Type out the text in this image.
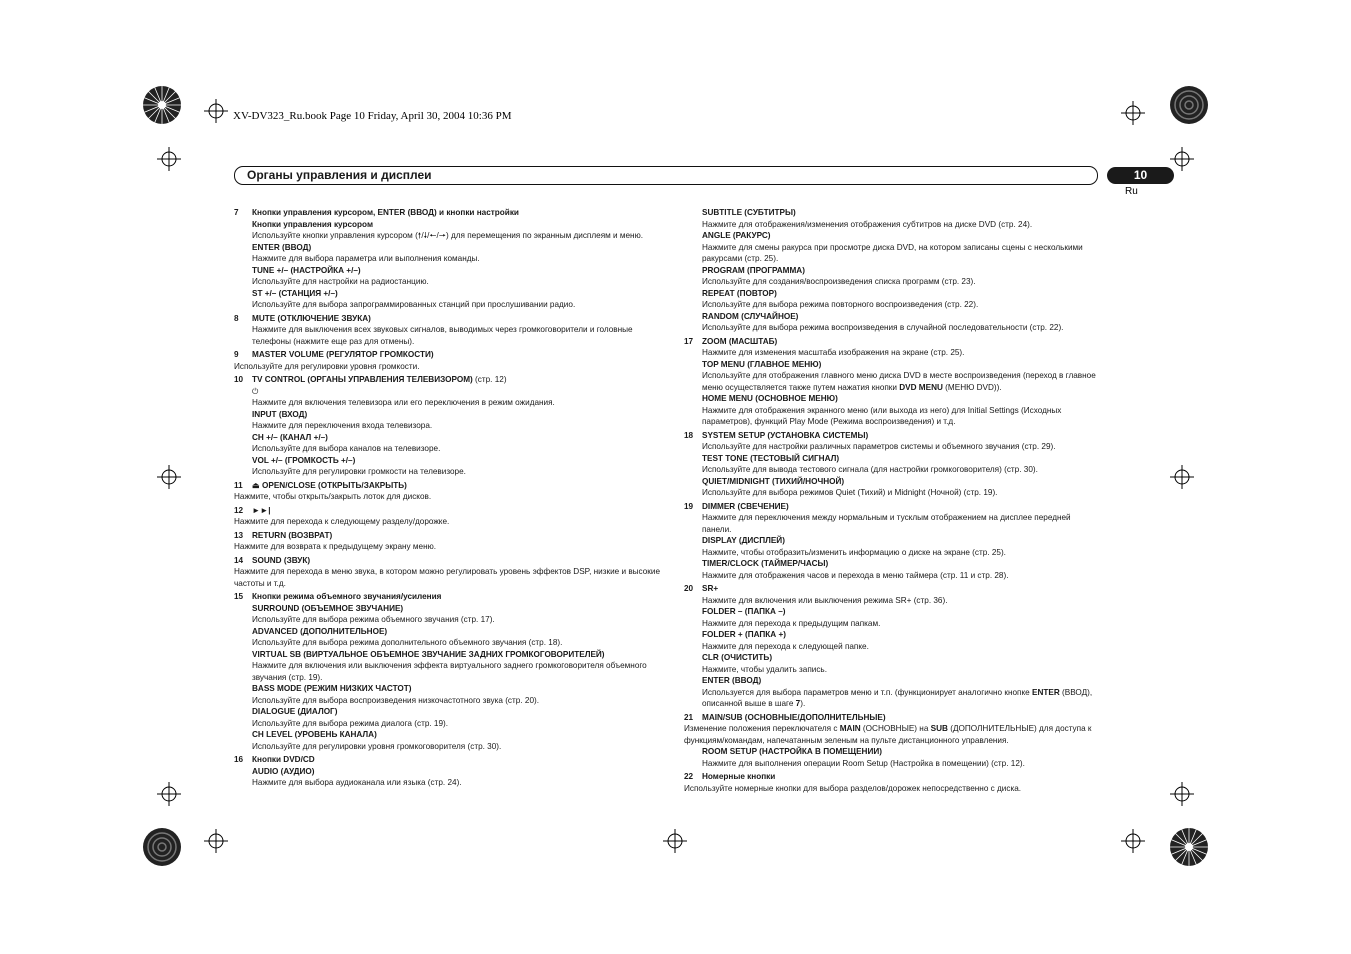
XV-DV323_Ru.book Page 10 Friday, April 30, 2004 10:36 PM
Органы управления и дисплеи	10
Ru
7 Кнопки управления курсором, ENTER (ВВОД) и кнопки настройки
Кнопки управления курсором
Используйте кнопки управления курсором (🠕/🠗/🠔/🠖) для перемещения по экранным дисплеям и меню.
ENTER (ВВОД)
Нажмите для выбора параметра или выполнения команды.
TUNE +/– (НАСТРОЙКА +/–)
Используйте для настройки на радиостанцию.
ST +/– (СТАНЦИЯ +/–)
Используйте для выбора запрограммированных станций при прослушивании радио.
8 MUTE (ОТКЛЮЧЕНИЕ ЗВУКА)
Нажмите для выключения всех звуковых сигналов, выводимых через громкоговорители и головные телефоны (нажмите еще раз для отмены).
9 MASTER VOLUME (РЕГУЛЯТОР ГРОМКОСТИ)
Используйте для регулировки уровня громкости.
10 TV CONTROL (ОРГАНЫ УПРАВЛЕНИЯ ТЕЛЕВИЗОРОМ) (стр. 12)
⏻
Нажмите для включения телевизора или его переключения в режим ожидания.
INPUT (ВХОД)
Нажмите для переключения входа телевизора.
CH +/– (КАНАЛ +/–)
Используйте для выбора каналов на телевизоре.
VOL +/– (ГРОМКОСТЬ +/–)
Используйте для регулировки громкости на телевизоре.
11 ⏏ OPEN/CLOSE (ОТКРЫТЬ/ЗАКРЫТЬ)
Нажмите, чтобы открыть/закрыть лоток для дисков.
12 ►►|
Нажмите для перехода к следующему разделу/дорожке.
13 RETURN (ВОЗВРАТ)
Нажмите для возврата к предыдущему экрану меню.
14 SOUND (ЗВУК)
Нажмите для перехода в меню звука, в котором можно регулировать уровень эффектов DSP, низкие и высокие частоты и т.д.
15 Кнопки режима объемного звучания/усиления
SURROUND (ОБЪЕМНОЕ ЗВУЧАНИЕ)
Используйте для выбора режима объемного звучания (стр. 17).
ADVANCED (ДОПОЛНИТЕЛЬНОЕ)
Используйте для выбора режима дополнительного объемного звучания (стр. 18).
VIRTUAL SB (ВИРТУАЛЬНОЕ ОБЪЕМНОЕ ЗВУЧАНИЕ ЗАДНИХ ГРОМКОГОВОРИТЕЛЕЙ)
Нажмите для включения или выключения эффекта виртуального заднего громкоговорителя объемного звучания (стр. 19).
BASS MODE (РЕЖИМ НИЗКИХ ЧАСТОТ)
Используйте для выбора воспроизведения низкочастотного звука (стр. 20).
DIALOGUE (ДИАЛОГ)
Используйте для выбора режима диалога (стр. 19).
CH LEVEL (УРОВЕНЬ КАНАЛА)
Используйте для регулировки уровня громкоговорителя (стр. 30).
16 Кнопки DVD/CD
AUDIO (АУДИО)
Нажмите для выбора аудиоканала или языка (стр. 24).
SUBTITLE (СУБТИТРЫ)
Нажмите для отображения/изменения отображения субтитров на диске DVD (стр. 24).
ANGLE (РАКУРС)
Нажмите для смены ракурса при просмотре диска DVD, на котором записаны сцены с несколькими ракурсами (стр. 25).
PROGRAM (ПРОГРАММА)
Используйте для создания/воспроизведения списка программ (стр. 23).
REPEAT (ПОВТОР)
Используйте для выбора режима повторного воспроизведения (стр. 22).
RANDOM (СЛУЧАЙНОЕ)
Используйте для выбора режима воспроизведения в случайной последовательности (стр. 22).
17 ZOOM (МАСШТАБ)
Нажмите для изменения масштаба изображения на экране (стр. 25).
TOP MENU (ГЛАВНОЕ МЕНЮ)
Используйте для отображения главного меню диска DVD в месте воспроизведения (переход в главное меню осуществляется также путем нажатия кнопки DVD MENU (МЕНЮ DVD)).
HOME MENU (ОСНОВНОЕ МЕНЮ)
Нажмите для отображения экранного меню (или выхода из него) для Initial Settings (Исходных параметров), функций Play Mode (Режима воспроизведения) и т.д.
18 SYSTEM SETUP (УСТАНОВКА СИСТЕМЫ)
Используйте для настройки различных параметров системы и объемного звучания (стр. 29).
TEST TONE (ТЕСТОВЫЙ СИГНАЛ)
Используйте для вывода тестового сигнала (для настройки громкоговорителя) (стр. 30).
QUIET/MIDNIGHT (ТИХИЙ/НОЧНОЙ)
Используйте для выбора режимов Quiet (Тихий) и Midnight (Ночной) (стр. 19).
19 DIMMER (СВЕЧЕНИЕ)
Нажмите для переключения между нормальным и тусклым отображением на дисплее передней панели.
DISPLAY (ДИСПЛЕЙ)
Нажмите, чтобы отобразить/изменить информацию о диске на экране (стр. 25).
TIMER/CLOCK (ТАЙМЕР/ЧАСЫ)
Нажмите для отображения часов и перехода в меню таймера (стр. 11 и стр. 28).
20 SR+
Нажмите для включения или выключения режима SR+ (стр. 36).
FOLDER – (ПАПКА –)
Нажмите для перехода к предыдущим папкам.
FOLDER + (ПАПКА +)
Нажмите для перехода к следующей папке.
CLR (ОЧИСТИТЬ)
Нажмите, чтобы удалить запись.
ENTER (ВВОД)
Используется для выбора параметров меню и т.п. (функционирует аналогично кнопке ENTER (ВВОД), описанной выше в шаге 7).
21 MAIN/SUB (ОСНОВНЫЕ/ДОПОЛНИТЕЛЬНЫЕ)
Изменение положения переключателя с MAIN (ОСНОВНЫЕ) на SUB (ДОПОЛНИТЕЛЬНЫЕ) для доступа к функциям/командам, напечатанным зеленым на пульте дистанционного управления.
ROOM SETUP (НАСТРОЙКА В ПОМЕЩЕНИИ)
Нажмите для выполнения операции Room Setup (Настройка в помещении) (стр. 12).
22 Номерные кнопки
Используйте номерные кнопки для выбора разделов/дорожек непосредственно с диска.
